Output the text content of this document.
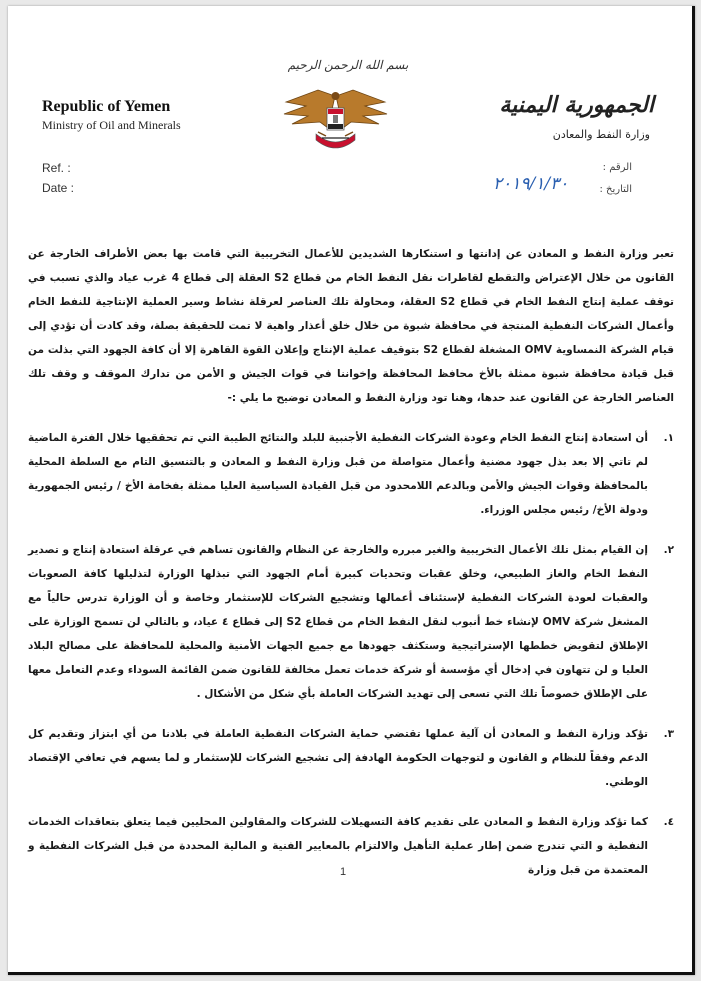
بسم الله الرحمن الرحيم
Republic of Yemen
Ministry of Oil and Minerals
الجمهورية اليمنية
وزارة النفط والمعادن
Ref. :
Date :
الرقم :
التاريخ :
٢٠١٩/١/٣٠

تعبر وزارة النفط و المعادن عن إدانتها و استنكارها الشديدين للأعمال التخريبية التي قامت بها بعض الأطراف الخارجة عن القانون من خلال الإعتراض والتقطع لقاطرات نقل النفط الخام من قطاع S2 العقلة إلى قطاع 4 غرب عياد والذي تسبب في توقف عملية إنتاج النفط الخام في قطاع S2 العقلة، ومحاولة تلك العناصر لعرقلة نشاط وسير العملية الإنتاجية للنفط الخام وأعمال الشركات النفطية المنتجة في محافظة شبوة من خلال خلق أعذار واهية لا تمت للحقيقة بصلة، وقد كادت أن تؤدي إلى قيام الشركة النمساوية OMV المشغلة لقطاع S2 بتوقيف عملية الإنتاج وإعلان القوة القاهرة إلا أن كافة الجهود التي بذلت من قبل قيادة محافظة شبوة ممثلة بالأخ محافظ المحافظة وإخواننا في قوات الجيش و الأمن من تدارك الموقف و وقف تلك العناصر الخارجة عن القانون عند حدها، وهنا تود وزارة النفط و المعادن توضيح ما يلي :-

١.
أن استعادة إنتاج النفط الخام وعودة الشركات النفطية الأجنبية للبلد والنتائج الطيبة التي تم تحققيها خلال الفترة الماضية لم تاتي إلا بعد بذل جهود مضنية وأعمال متواصلة من قبل وزارة النفط و المعادن و بالتنسيق التام مع السلطة المحلية بالمحافظة وقوات الجيش والأمن وبالدعم اللامحدود من قبل القيادة السياسية العليا ممثلة بفخامة الأخ / رئيس الجمهورية ودولة الأخ/ رئيس مجلس الوزراء.
٢.
إن القيام بمثل تلك الأعمال التخريبية والغير مبرره والخارجة عن النظام والقانون تساهم في عرقلة استعادة إنتاج و تصدير النفط الخام والغاز الطبيعي، وخلق عقبات وتحديات كبيرة أمام الجهود التي تبذلها الوزارة لتذليلها كافة الصعوبات والعقبات لعودة الشركات النفطية لإستئناف أعمالها وتشجيع الشركات للإستثمار وخاصة و أن الوزارة تدرس حالياً مع المشغل شركة OMV لإنشاء خط أنبوب لنقل النفط الخام من قطاع S2 إلى قطاع ٤ عياد، و بالتالي لن تسمح الوزارة على الإطلاق لتقويض خططها الإستراتيجية وستكثف جهودها مع جميع الجهات الأمنية والمحلية للمحافظة على مصالح البلاد العليا و لن تتهاون في إدخال أي مؤسسة أو شركة خدمات تعمل مخالفة للقانون ضمن القائمة السوداء وعدم التعامل معها على الإطلاق خصوصاً تلك التي تسعى إلى تهديد الشركات العاملة بأي شكل من الأشكال .
٣.
تؤكد وزارة النفط و المعادن أن آلية عملها تقتضي حماية الشركات النفطية العاملة في بلادنا من أي ابتزاز وتقديم كل الدعم وفقاً للنظام و القانون و لتوجهات الحكومة الهادفة إلى تشجيع الشركات للإستثمار و لما يسهم في تعافي الإقتصاد الوطني.
٤.
كما تؤكد وزارة النفط و المعادن على تقديم كافة التسهيلات للشركات والمقاولين المحليين فيما يتعلق بتعاقدات الخدمات النفطية و التي تندرج ضمن إطار عملية التأهيل والالتزام بالمعايير الفنية و المالية المحددة من قبل الشركات النفطية و المعتمدة من قبل وزارة
1
